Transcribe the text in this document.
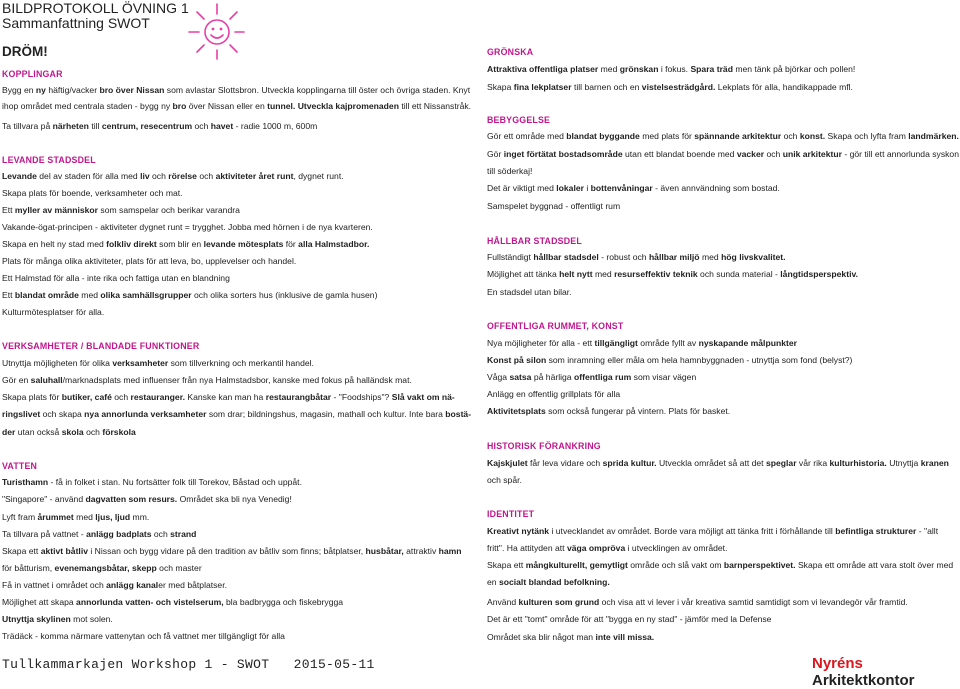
BILDPROTOKOLL ÖVNING 1
Sammanfattning SWOT
DRÖM!
KOPPLINGAR

Bygg en ny häftig/vacker bro över Nissan som avlastar Slottsbron. Utveckla kopplingarna till öster och övriga staden. Knyt

ihop området med centrala staden - bygg ny bro över Nissan eller en tunnel. Utveckla kajpromenaden till ett Nissanstråk.

Ta tillvara på närheten till centrum, resecentrum och havet - radie 1000 m, 600m

LEVANDE STADSDEL

Levande del av staden för alla med liv och rörelse och aktiviteter året runt, dygnet runt.

Skapa plats för boende, verksamheter och mat.

Ett myller av människor som samspelar och berikar varandra

Vakande-ögat-principen - aktiviteter dygnet runt = trygghet. Jobba med hörnen i de nya kvarteren.

Skapa en helt ny stad med folkliv direkt som blir en levande mötesplats för alla Halmstadbor.

Plats för många olika aktiviteter, plats för att leva, bo, upplevelser och handel.

Ett Halmstad för alla - inte rika och fattiga utan en blandning

Ett blandat område med olika samhällsgrupper och olika sorters hus (inklusive de gamla husen)

Kulturmötesplatser för alla.

VERKSAMHETER / BLANDADE FUNKTIONER

Utnyttja möjligheten för olika verksamheter som tillverkning och merkantil handel.

Gör en saluhall/marknadsplats med influenser från nya Halmstadsbor, kanske med fokus på halländsk mat.

Skapa plats för butiker, café och restauranger. Kanske kan man ha restaurangbåtar - "Foodships"? Slå vakt om nä-

ringslivet och skapa nya annorlunda verksamheter som drar; bildningshus, magasin, mathall och kultur. Inte bara bostä-

der utan också skola och förskola

VATTEN

Turisthamn - få in folket i stan. Nu fortsätter folk till Torekov, Båstad och uppåt.

"Singapore" - använd dagvatten som resurs. Området ska bli nya Venedig!

Lyft fram årummet med ljus, ljud mm.

Ta tillvara på vattnet - anlägg badplats och strand

Skapa ett aktivt båtliv i Nissan och bygg vidare på den tradition av båtliv som finns; båtplatser, husbåtar, attraktiv hamn

för båtturism, evenemangsbåtar, skepp och master

Få in vattnet i området och anlägg kanaler med båtplatser.

Möjlighet att skapa annorlunda vatten- och vistelserum, bla badbrygga och fiskebrygga

Utnyttja skylinen mot solen.

Trädäck - komma närmare vattenytan och få vattnet mer tillgängligt för alla

GRÖNSKA

Attraktiva offentliga platser med grönskan i fokus. Spara träd men tänk på björkar och pollen!

Skapa fina lekplatser till barnen och en vistelsesträdgård. Lekplats för alla, handikappade mfl.

BEBYGGELSE

Gör ett område med blandat byggande med plats för spännande arkitektur och konst. Skapa och lyfta fram landmärken.

Gör inget förtätat bostadsområde utan ett blandat boende med vacker och unik arkitektur - gör till ett annorlunda syskon

till söderkaj!

Det är viktigt med lokaler i bottenvåningar - även annvändning som bostad.

Samspelet byggnad - offentligt rum

HÅLLBAR STADSDEL

Fullständigt hållbar stadsdel - robust och hållbar miljö med hög livskvalitet.

Möjlighet att tänka helt nytt med resurseffektiv teknik och sunda material - långtidsperspektiv.

En stadsdel utan bilar.

OFFENTLIGA RUMMET, KONST

Nya möjligheter för alla - ett tillgängligt område fyllt av nyskapande målpunkter

Konst på silon som inramning eller måla om hela hamnbyggnaden - utnyttja som fond (belyst?)

Våga satsa på härliga offentliga rum som visar vägen

Anlägg en offentlig grillplats för alla

Aktivitetsplats som också fungerar på vintern. Plats för basket.

HISTORISK FÖRANKRING

Kajskjulet får leva vidare och sprida kultur. Utveckla området så att det speglar vår rika kulturhistoria. Utnyttja kranen

och spår.

IDENTITET

Kreativt nytänk i utvecklandet av området. Borde vara möjligt att tänka fritt i förhållande till befintliga strukturer - "allt

fritt". Ha attityden att väga ompröva i utvecklingen av området.

Skapa ett mångkulturellt, gemytligt område och slå vakt om barnperspektivet. Skapa ett område att vara stolt över med

en socialt blandad befolkning.

Använd kulturen som grund och visa att vi lever i vår kreativa samtid samtidigt som vi levandegör vår framtid.

Det är ett "tomt" område för att "bygga en ny stad" - jämför med la Defense

Området ska blir något man inte vill missa.

Tullkammarkajen Workshop 1 - SWOT   2015-05-11	Nyréns Arkitektkontor
